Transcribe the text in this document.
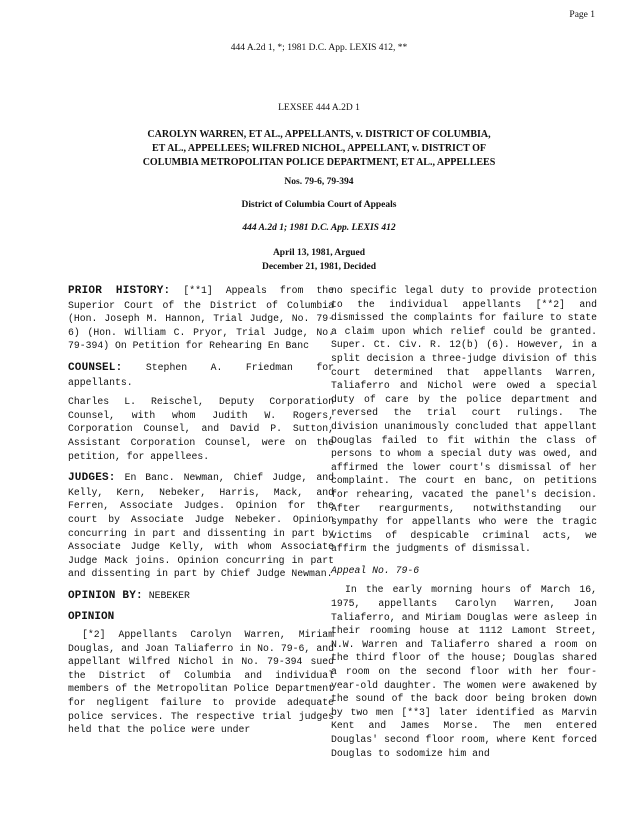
Page 1
444 A.2d 1, *; 1981 D.C. App. LEXIS 412, **
LEXSEE 444 A.2D 1
CAROLYN WARREN, ET AL., APPELLANTS, v. DISTRICT OF COLUMBIA,
ET AL., APPELLEES; WILFRED NICHOL, APPELLANT, v. DISTRICT OF
COLUMBIA METROPOLITAN POLICE DEPARTMENT, ET AL., APPELLEES
Nos. 79-6, 79-394
District of Columbia Court of Appeals
444 A.2d 1; 1981 D.C. App. LEXIS 412
April 13, 1981, Argued
December 21, 1981, Decided

PRIOR HISTORY: [**1] Appeals from the Superior Court of the District of Columbia (Hon. Joseph M. Hannon, Trial Judge, No. 79-6) (Hon. William C. Pryor, Trial Judge, No. 79-394) On Petition for Rehearing En Banc

COUNSEL: Stephen A. Friedman for appellants.

Charles L. Reischel, Deputy Corporation Counsel, with whom Judith W. Rogers, Corporation Counsel, and David P. Sutton, Assistant Corporation Counsel, were on the petition, for appellees.

JUDGES: En Banc. Newman, Chief Judge, and Kelly, Kern, Nebeker, Harris, Mack, and Ferren, Associate Judges. Opinion for the court by Associate Judge Nebeker. Opinion concurring in part and dissenting in part by Associate Judge Kelly, with whom Associate Judge Mack joins. Opinion concurring in part and dissenting in part by Chief Judge Newman.

OPINION BY: NEBEKER

OPINION

[*2] Appellants Carolyn Warren, Miriam Douglas, and Joan Taliaferro in No. 79-6, and appellant Wilfred Nichol in No. 79-394 sued the District of Columbia and individual members of the Metropolitan Police Department for negligent failure to provide adequate police services. The respective trial judges held that the police were under

no specific legal duty to provide protection to the individual appellants [**2] and dismissed the complaints for failure to state a claim upon which relief could be granted. Super. Ct. Civ. R. 12(b) (6). However, in a split decision a three-judge division of this court determined that appellants Warren, Taliaferro and Nichol were owed a special duty of care by the police department and reversed the trial court rulings. The division unanimously concluded that appellant Douglas failed to fit within the class of persons to whom a special duty was owed, and affirmed the lower court's dismissal of her complaint. The court en banc, on petitions for rehearing, vacated the panel's decision. After reargurments, notwithstanding our sympathy for appellants who were the tragic victims of despicable criminal acts, we affirm the judgments of dismissal.

Appeal No. 79-6

In the early morning hours of March 16, 1975, appellants Carolyn Warren, Joan Taliaferro, and Miriam Douglas were asleep in their rooming house at 1112 Lamont Street, N.W. Warren and Taliaferro shared a room on the third floor of the house; Douglas shared a room on the second floor with her four-year-old daughter. The women were awakened by the sound of the back door being broken down by two men [**3] later identified as Marvin Kent and James Morse. The men entered Douglas' second floor room, where Kent forced Douglas to sodomize him and
